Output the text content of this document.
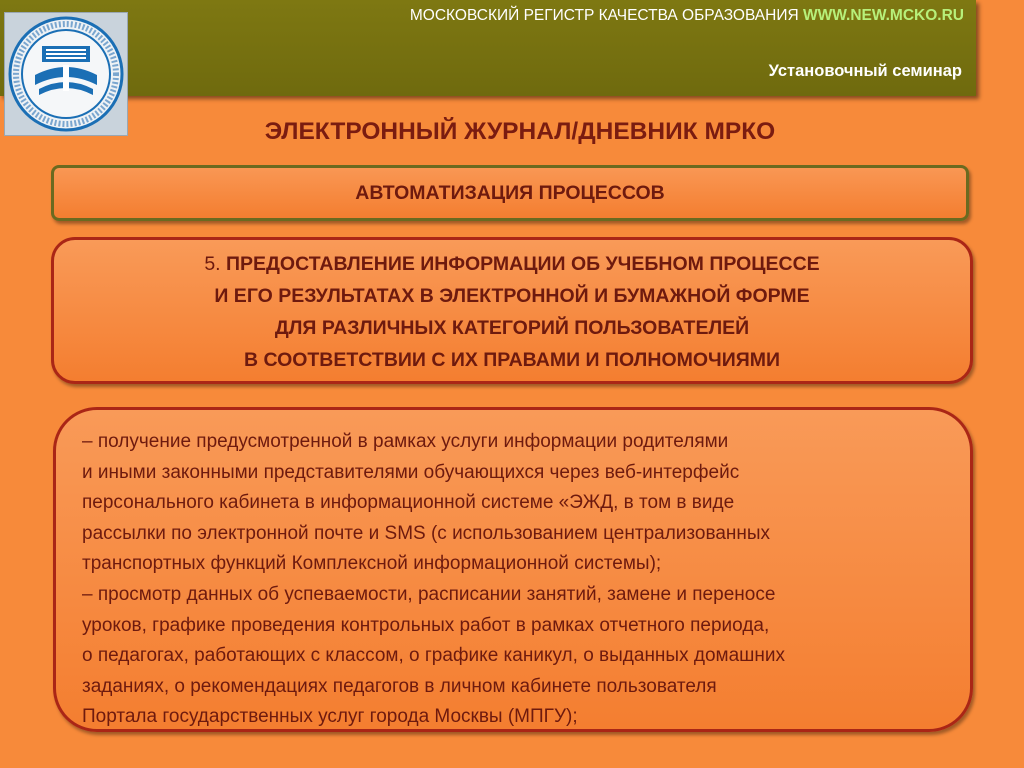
МОСКОВСКИЙ РЕГИСТР КАЧЕСТВА ОБРАЗОВАНИЯ WWW.NEW.MCKO.RU
Установочный семинар
ЭЛЕКТРОННЫЙ ЖУРНАЛ/ДНЕВНИК МРКО
АВТОМАТИЗАЦИЯ ПРОЦЕССОВ
5. ПРЕДОСТАВЛЕНИЕ ИНФОРМАЦИИ ОБ УЧЕБНОМ ПРОЦЕССЕ
И ЕГО РЕЗУЛЬТАТАХ В ЭЛЕКТРОННОЙ И БУМАЖНОЙ ФОРМЕ
ДЛЯ РАЗЛИЧНЫХ КАТЕГОРИЙ ПОЛЬЗОВАТЕЛЕЙ
В СООТВЕТСТВИИ С ИХ ПРАВАМИ И ПОЛНОМОЧИЯМИ
– получение предусмотренной в рамках услуги информации родителями
и иными законными представителями обучающихся через веб-интерфейс
персонального кабинета в информационной системе «ЭЖД, в том в виде
рассылки по электронной почте и SMS (с использованием централизованных
транспортных функций Комплексной информационной системы);
– просмотр данных об успеваемости, расписании занятий, замене и переносе
уроков, графике проведения контрольных работ в рамках отчетного периода,
о педагогах, работающих с классом, о графике каникул, о выданных домашних
заданиях, о рекомендациях педагогов в личном кабинете пользователя
Портала государственных услуг города Москвы (МПГУ);
